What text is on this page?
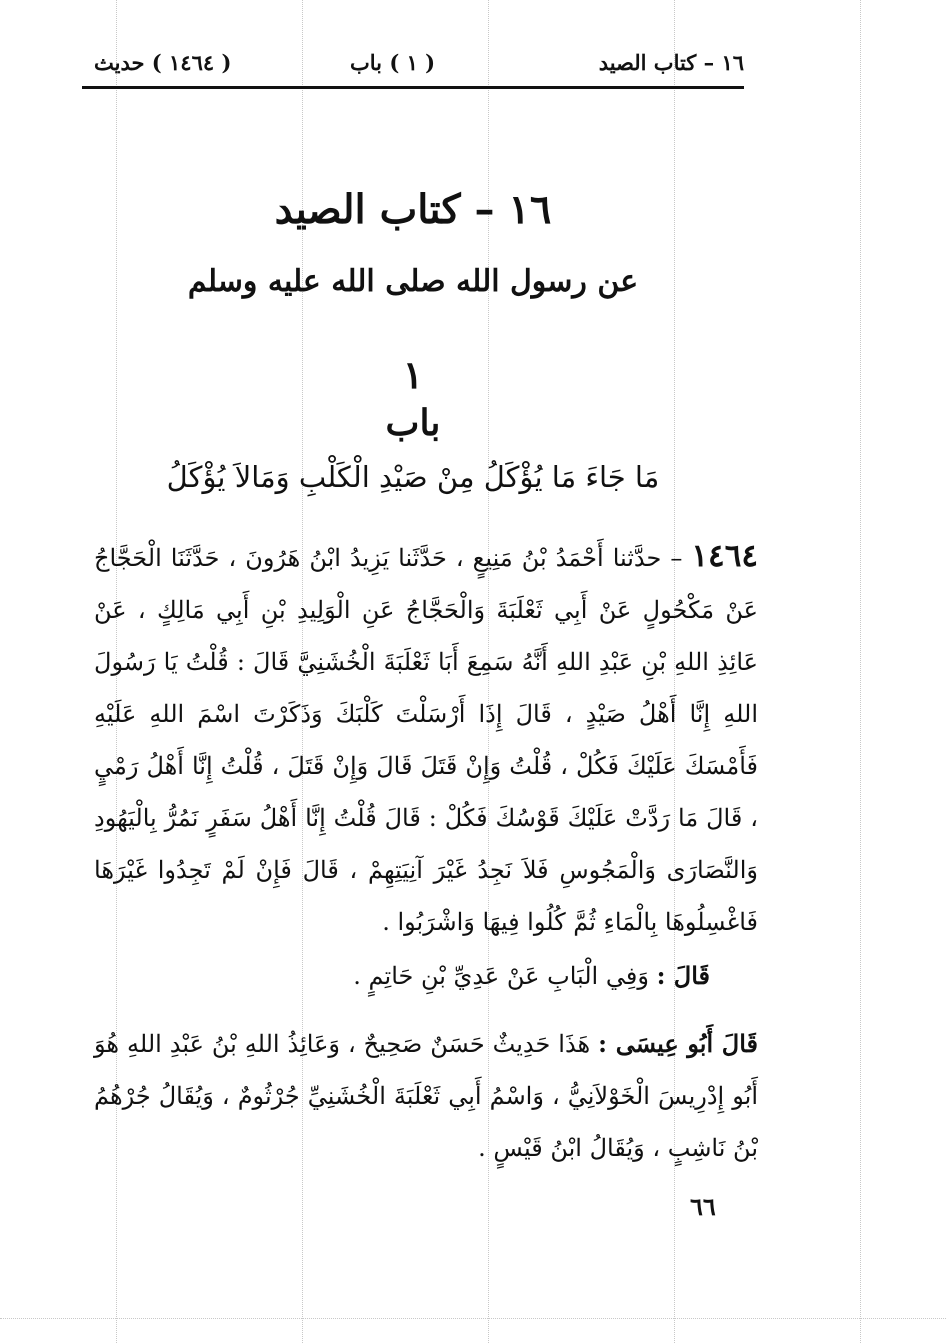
١٦ – كتاب الصيد
( ١ ) باب
( ١٤٦٤ ) حديث
١٦ – كتاب الصيد
عن رسول الله صلى الله عليه وسلم
١
باب
مَا جَاءَ مَا يُؤْكَلُ مِنْ صَيْدِ الْكَلْبِ وَمَالاَ يُؤْكَلُ

١٤٦٤ – حدَّثنا أَحْمَدُ بْنُ مَنِيعٍ ، حَدَّثَنا يَزِيدُ ابْنُ هَرُونَ ، حَدَّثَنَا الْحَجَّاجُ عَنْ مَكْحُولٍ عَنْ أَبِي ثَعْلَبَةَ وَالْحَجَّاجُ عَنِ الْوَلِيدِ بْنِ أَبِي مَالِكٍ ، عَنْ عَائِذِ اللهِ بْنِ عَبْدِ اللهِ أَنَّهُ سَمِعَ أَبَا ثَعْلَبَةَ الْخُشَنِيَّ قَالَ : قُلْتُ يَا رَسُولَ اللهِ إِنَّا أَهْلُ صَيْدٍ ، قَالَ إِذَا أَرْسَلْتَ كَلْبَكَ وَذَكَرْتَ اسْمَ اللهِ عَلَيْهِ فَأَمْسَكَ عَلَيْكَ فَكُلْ ، قُلْتُ وَإِنْ قَتَلَ قَالَ وَإِنْ قَتَلَ ، قُلْتُ إِنَّا أَهْلُ رَمْيٍ ، قَالَ مَا رَدَّتْ عَلَيْكَ قَوْسُكَ فَكُلْ : قَالَ قُلْتُ إِنَّا أَهْلُ سَفَرٍ نَمُرُّ بِالْيَهُودِ وَالنَّصَارَى وَالْمَجُوسِ فَلاَ نَجِدُ غَيْرَ آنِيَتِهِمْ ، قَالَ فَإِنْ لَمْ تَجِدُوا غَيْرَهَا فَاغْسِلُوهَا بِالْمَاءِ ثُمَّ كُلُوا فِيهَا وَاشْرَبُوا .

قَالَ : وَفِي الْبَابِ عَنْ عَدِيِّ بْنِ حَاتِمٍ .

قَالَ أَبُو عِيسَى : هَذَا حَدِيثٌ حَسَنٌ صَحِيحٌ ، وَعَائِذُ اللهِ بْنُ عَبْدِ اللهِ هُوَ أَبُو إِدْرِيسَ الْخَوْلاَنِيُّ ، وَاسْمُ أَبِي ثَعْلَبَةَ الْخُشَنِيِّ جُرْثُومٌ ، وَيُقَالُ جُرْهُمُ بْنُ نَاشِبٍ ، وَيُقَالُ ابْنُ قَيْسٍ .

٦٦
